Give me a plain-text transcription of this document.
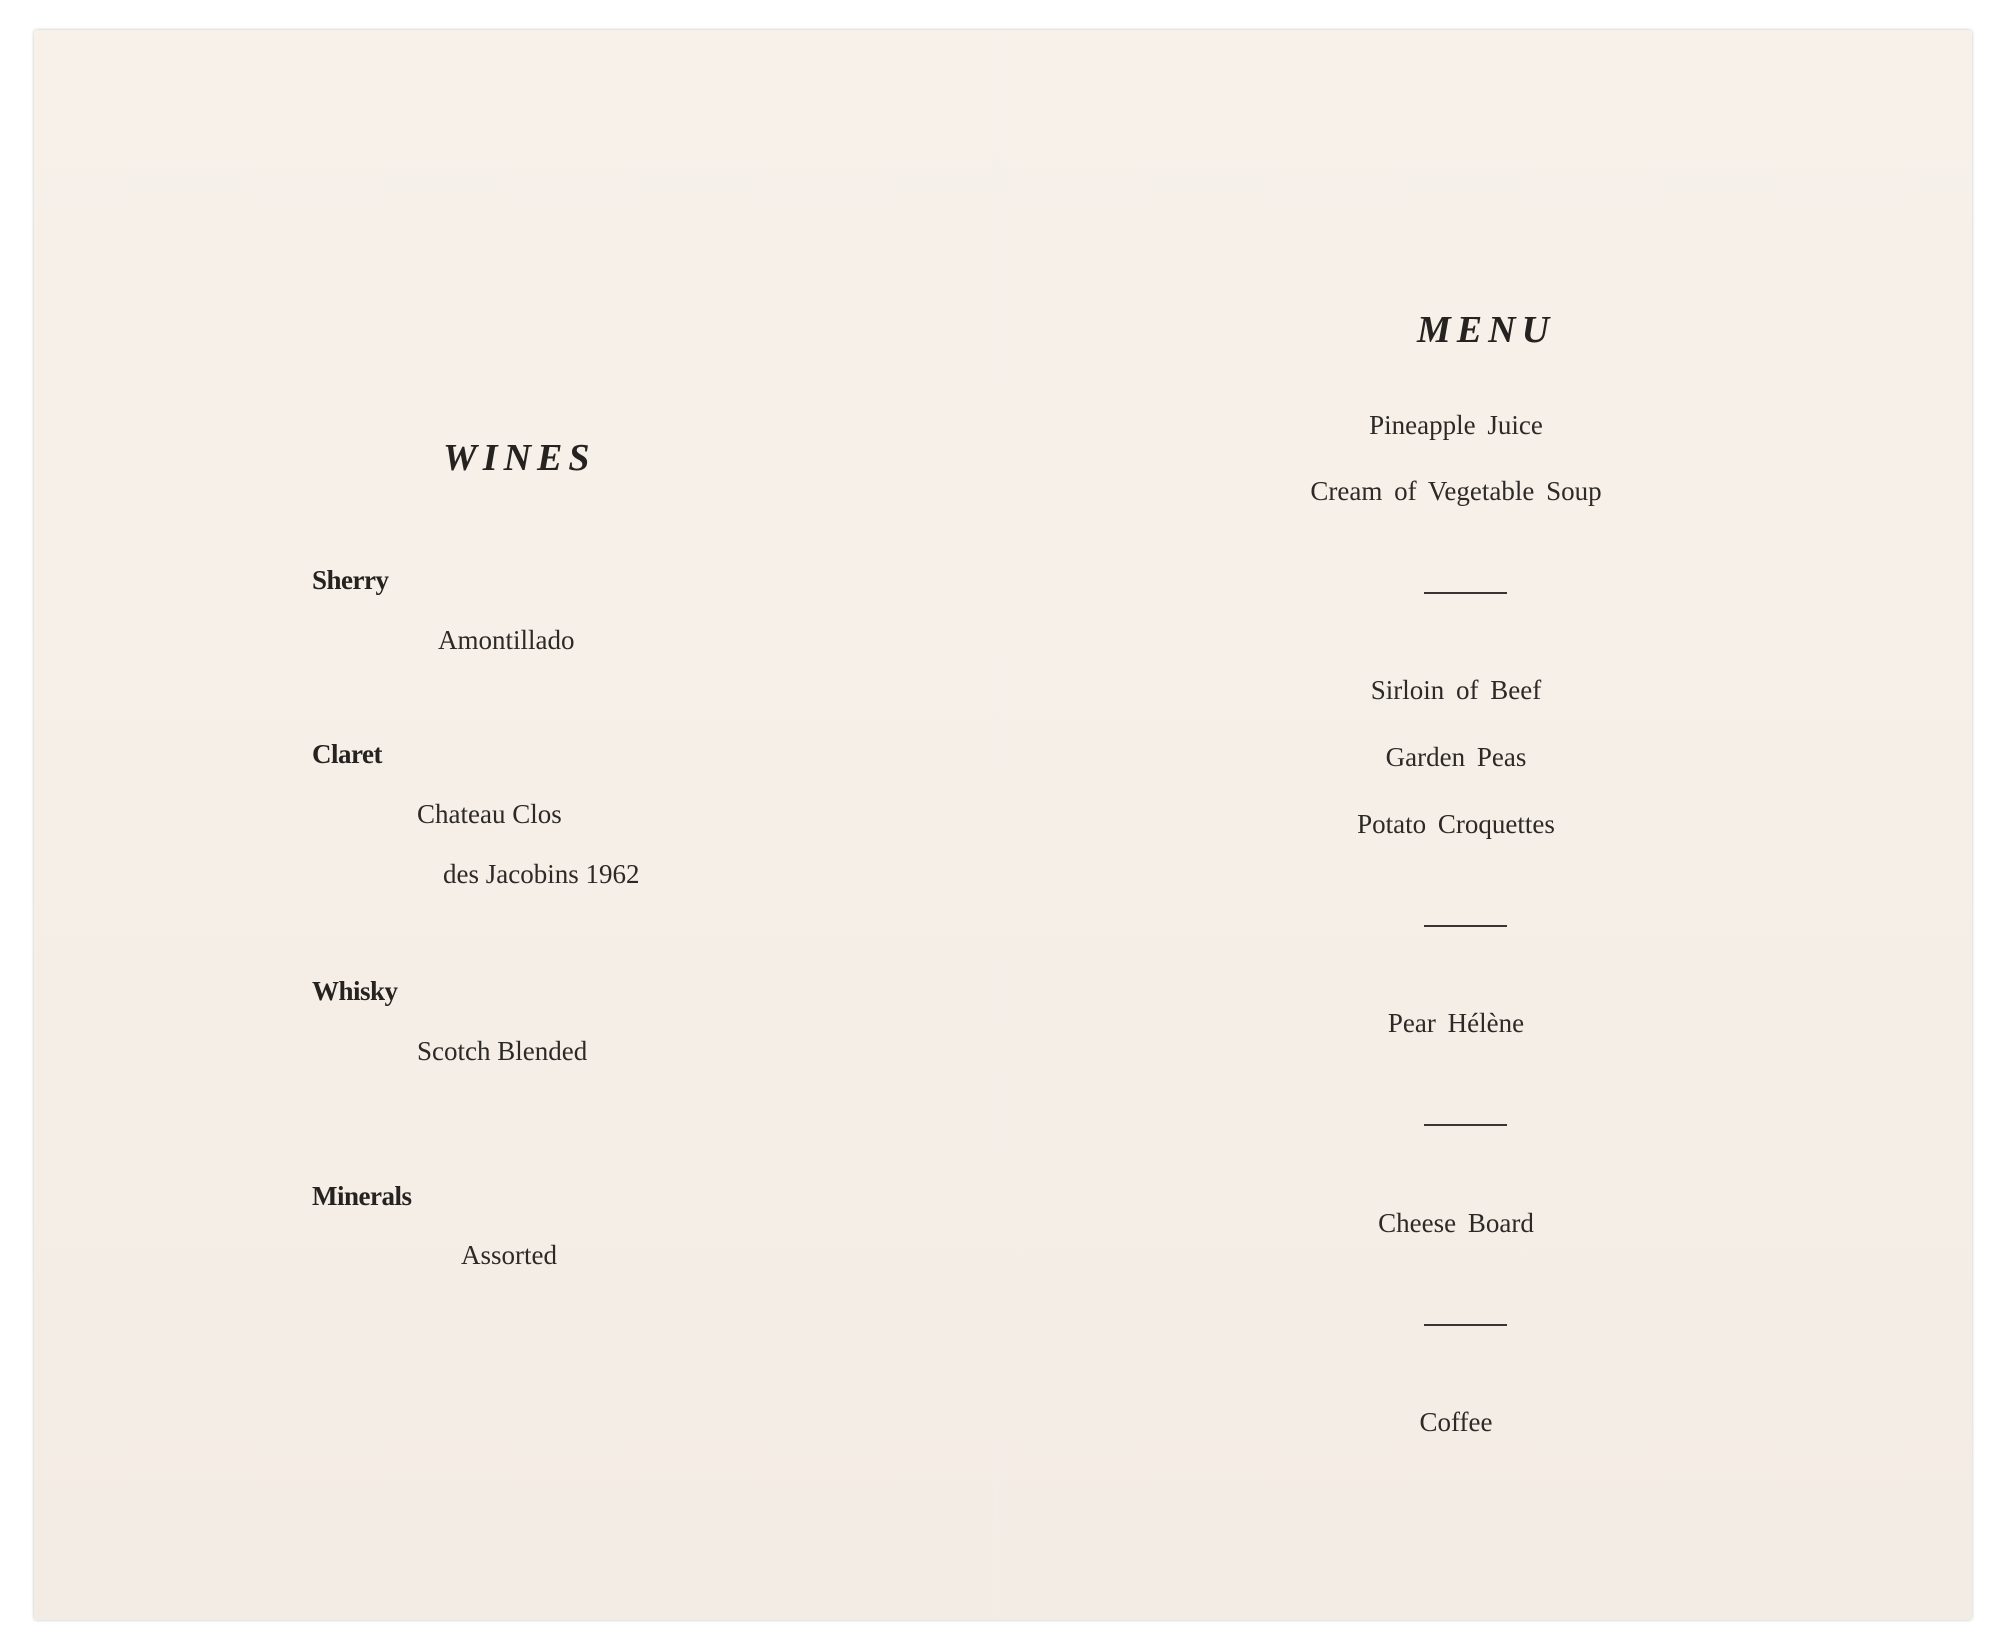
WINES
Sherry
Amontillado
Claret
Chateau Clos
des Jacobins 1962
Whisky
Scotch Blended
Minerals
Assorted
MENU
Pineapple Juice
Cream of Vegetable Soup
Sirloin of Beef
Garden Peas
Potato Croquettes
Pear Hélène
Cheese Board
Coffee
